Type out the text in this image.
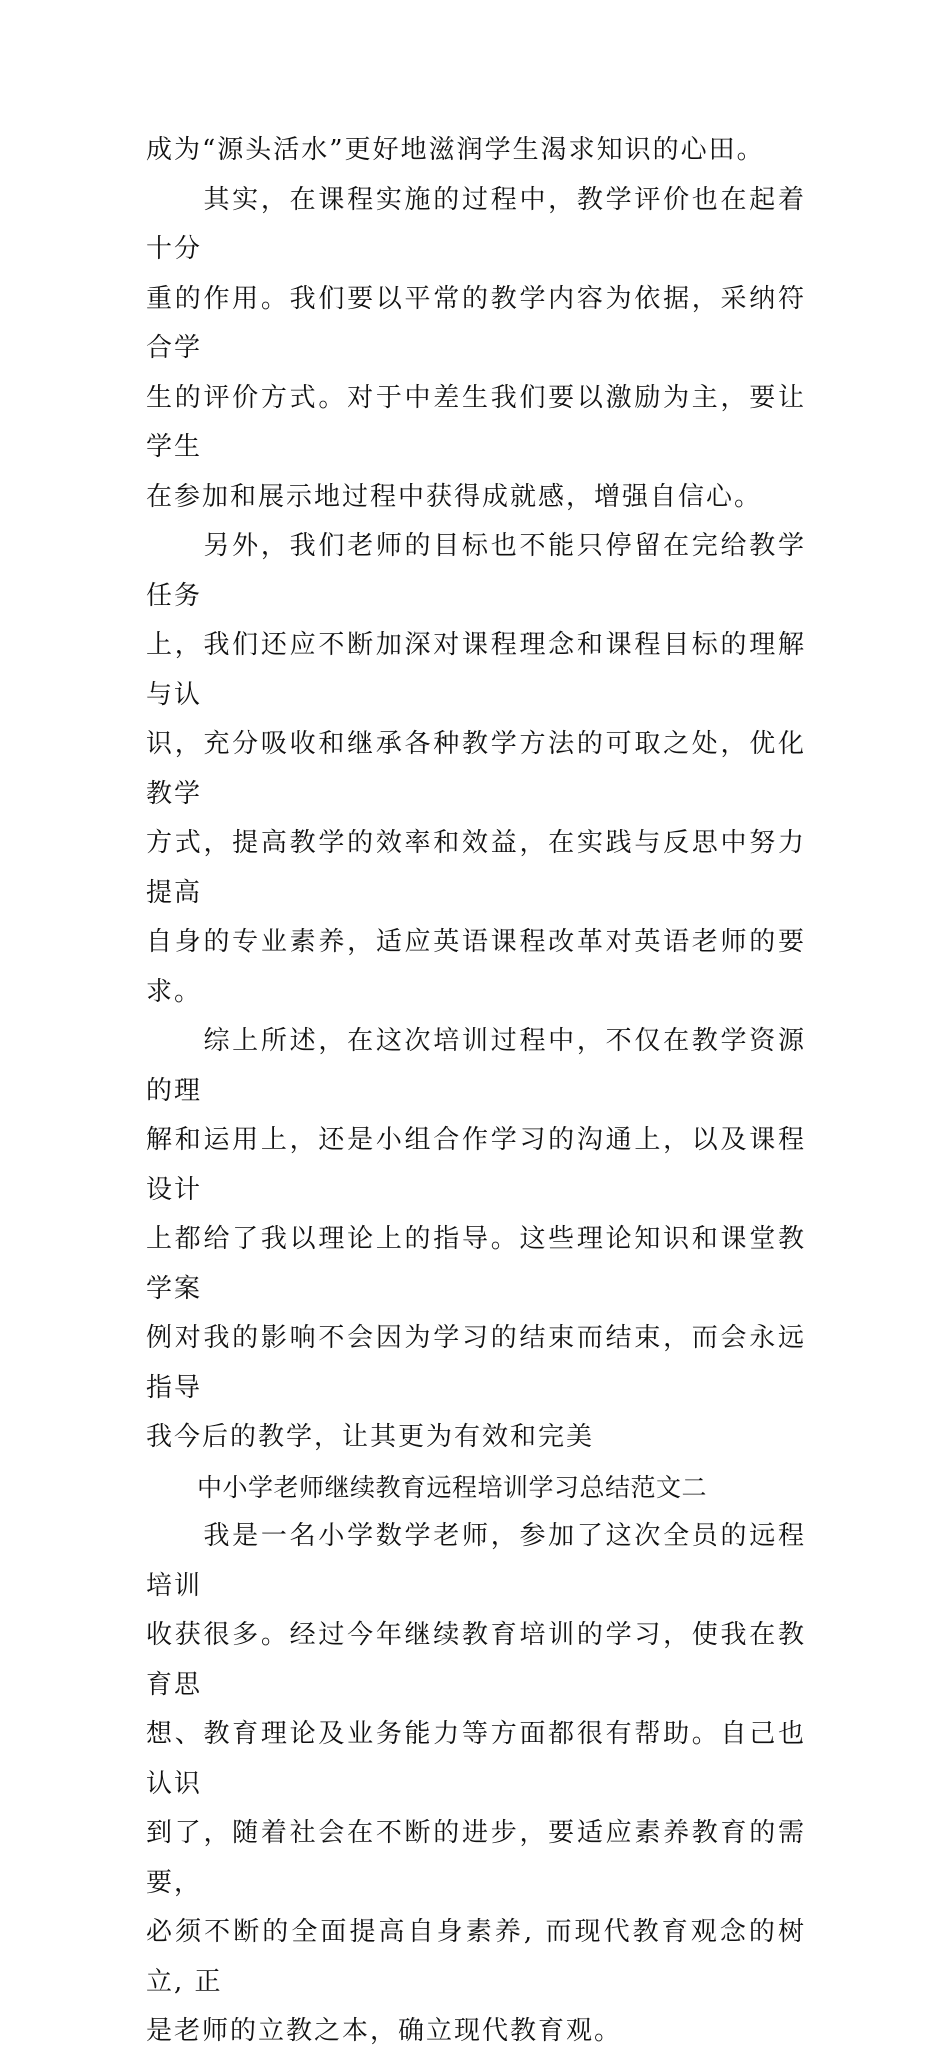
成为“源头活水”更好地滋润学生渴求知识的心田。

　　其实，在课程实施的过程中，教学评价也在起着十分
重的作用。我们要以平常的教学内容为依据，采纳符合学
生的评价方式。对于中差生我们要以激励为主，要让学生
在参加和展示地过程中获得成就感，增强自信心。

　　另外，我们老师的目标也不能只停留在完给教学任务
上，我们还应不断加深对课程理念和课程目标的理解与认
识，充分吸收和继承各种教学方法的可取之处，优化教学
方式，提高教学的效率和效益，在实践与反思中努力提高
自身的专业素养，适应英语课程改革对英语老师的要求。

　　综上所述，在这次培训过程中，不仅在教学资源的理
解和运用上，还是小组合作学习的沟通上，以及课程设计
上都给了我以理论上的指导。这些理论知识和课堂教学案
例对我的影响不会因为学习的结束而结束，而会永远指导
我今后的教学，让其更为有效和完美

　　中小学老师继续教育远程培训学习总结范文二

　　我是一名小学数学老师，参加了这次全员的远程培训
收获很多。经过今年继续教育培训的学习，使我在教育思
想、教育理论及业务能力等方面都很有帮助。自己也认识
到了，随着社会在不断的进步，要适应素养教育的需要，
必须不断的全面提高自身素养, 而现代教育观念的树立, 正
是老师的立教之本，确立现代教育观。
